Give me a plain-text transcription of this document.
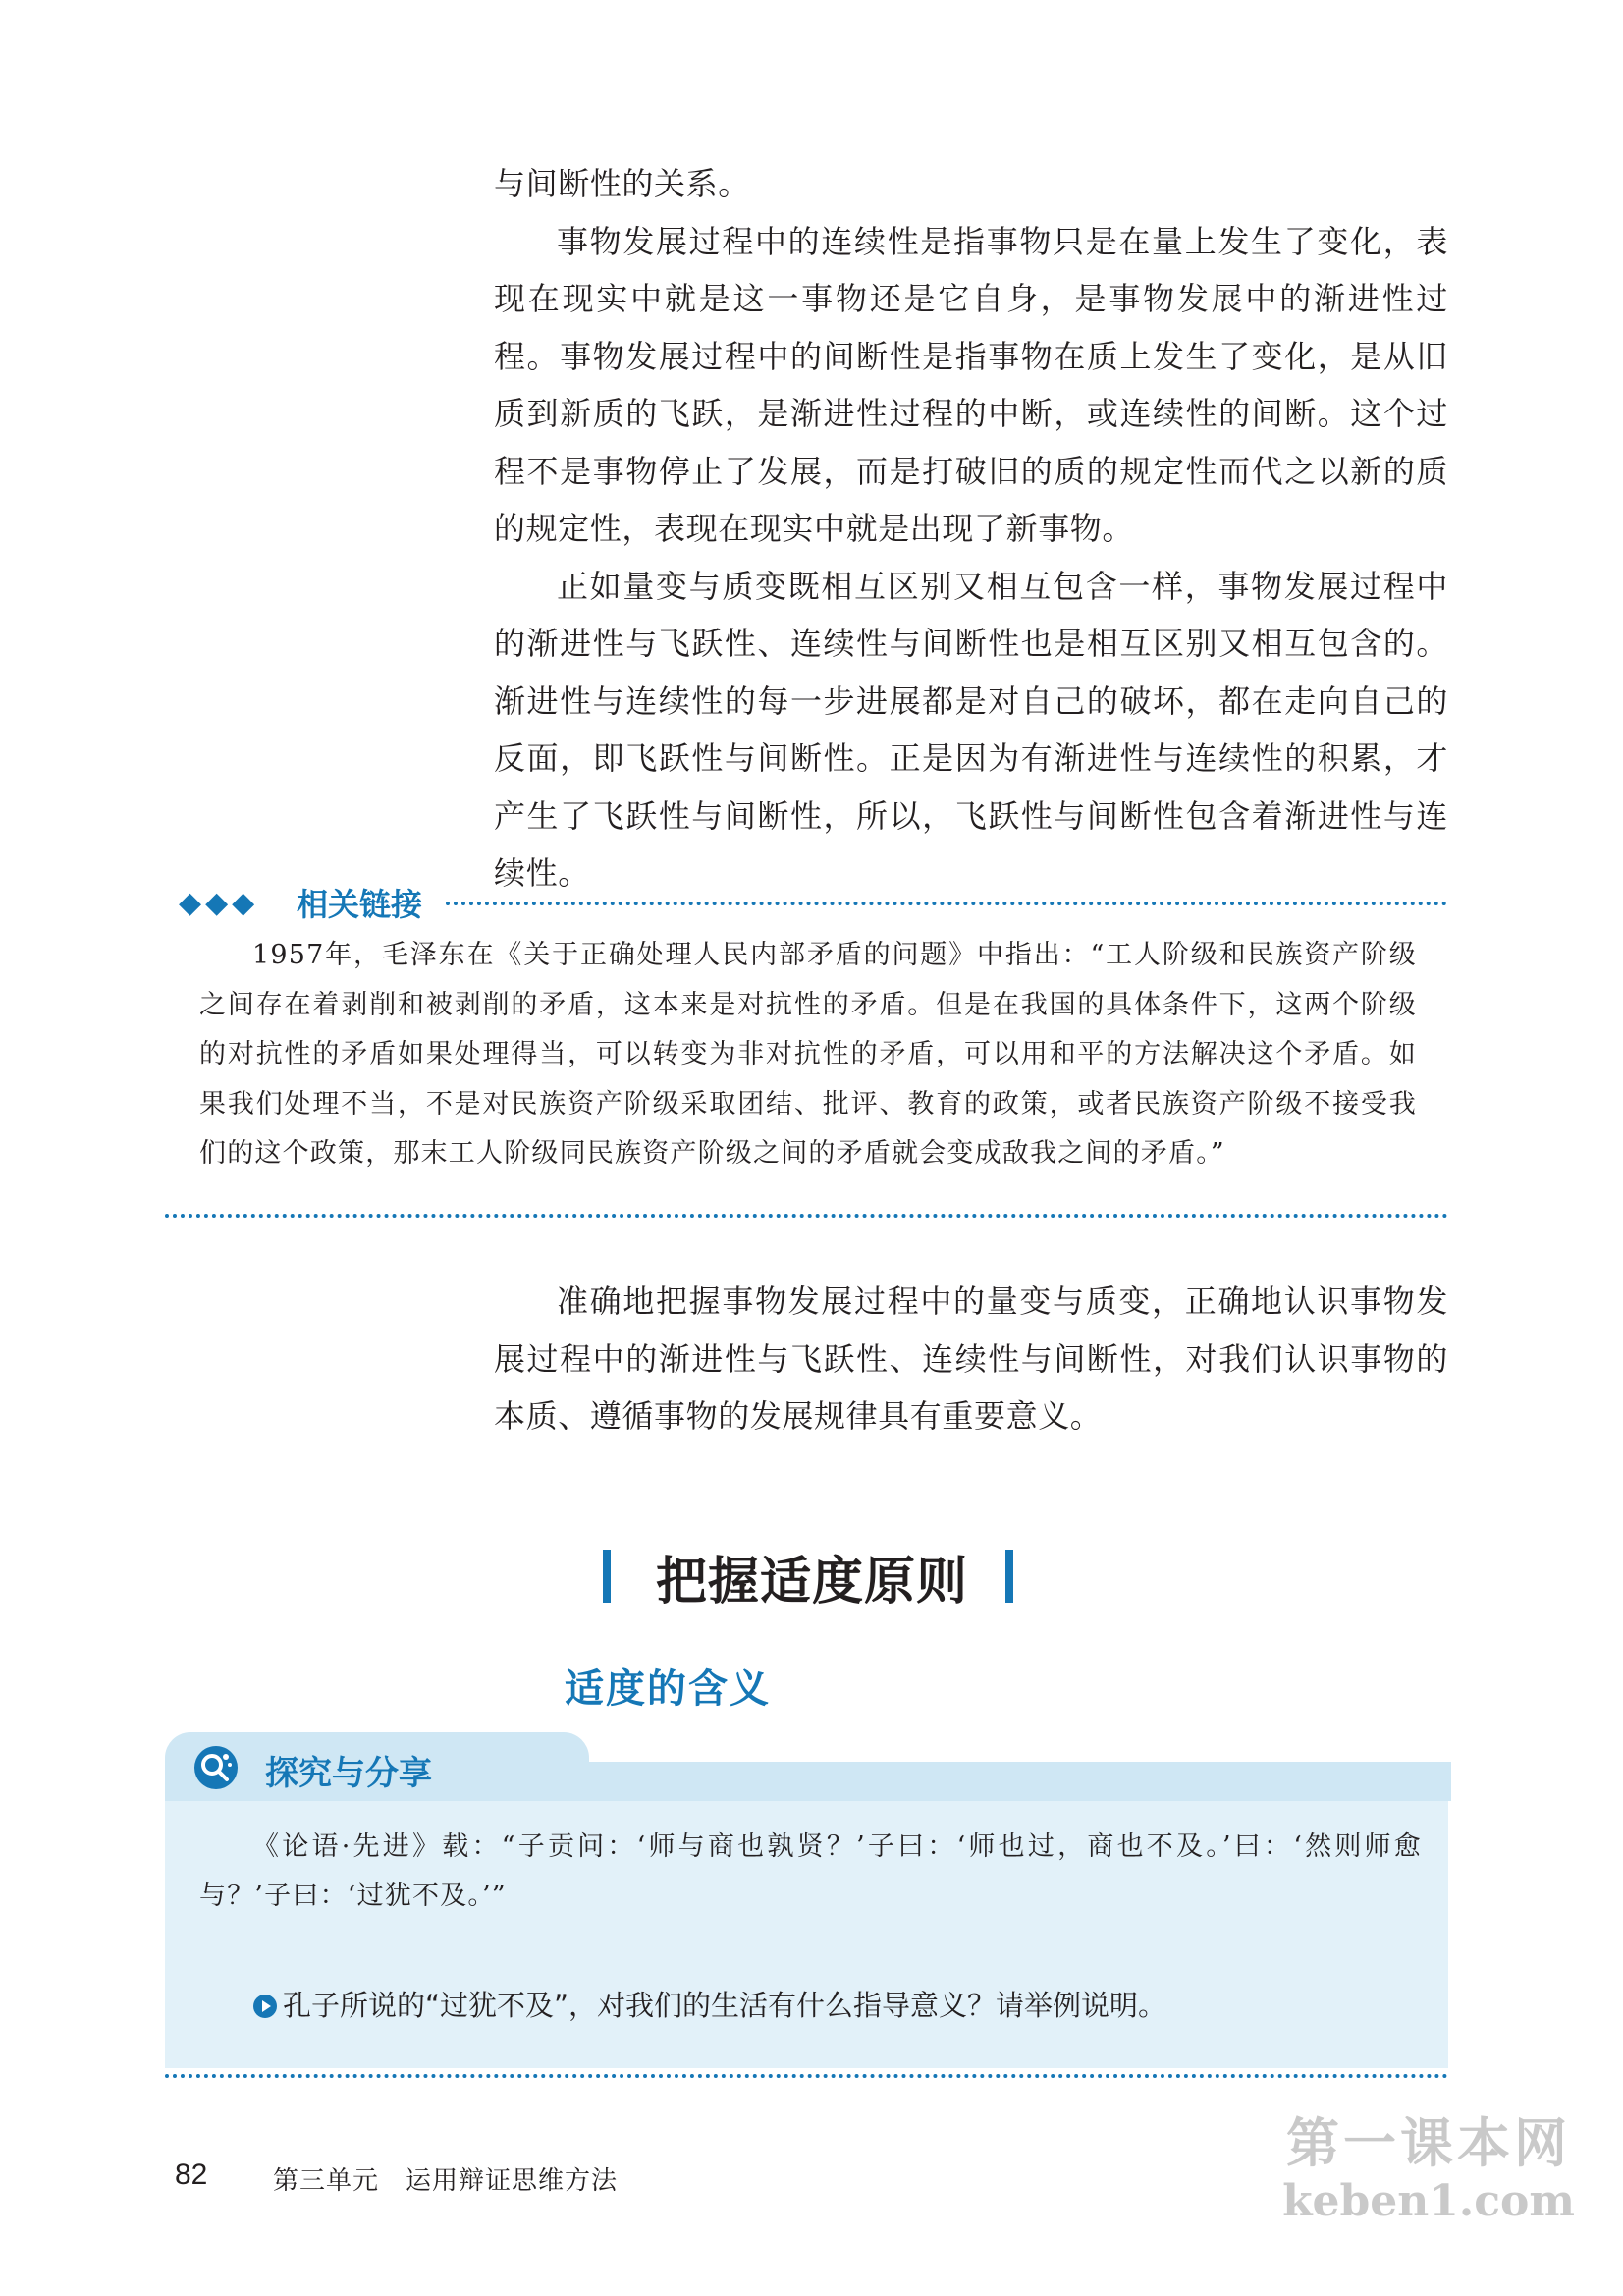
与间断性的关系。

事物发展过程中的连续性是指事物只是在量上发生了变化，表现在现实中就是这一事物还是它自身，是事物发展中的渐进性过程。事物发展过程中的间断性是指事物在质上发生了变化，是从旧质到新质的飞跃，是渐进性过程的中断，或连续性的间断。这个过程不是事物停止了发展，而是打破旧的质的规定性而代之以新的质的规定性，表现在现实中就是出现了新事物。

正如量变与质变既相互区别又相互包含一样，事物发展过程中的渐进性与飞跃性、连续性与间断性也是相互区别又相互包含的。渐进性与连续性的每一步进展都是对自己的破坏，都在走向自己的反面，即飞跃性与间断性。正是因为有渐进性与连续性的积累，才产生了飞跃性与间断性，所以，飞跃性与间断性包含着渐进性与连续性。

◆◆◆ 相关链接

1957年，毛泽东在《关于正确处理人民内部矛盾的问题》中指出：“工人阶级和民族资产阶级之间存在着剥削和被剥削的矛盾，这本来是对抗性的矛盾。但是在我国的具体条件下，这两个阶级的对抗性的矛盾如果处理得当，可以转变为非对抗性的矛盾，可以用和平的方法解决这个矛盾。如果我们处理不当，不是对民族资产阶级采取团结、批评、教育的政策，或者民族资产阶级不接受我们的这个政策，那末工人阶级同民族资产阶级之间的矛盾就会变成敌我之间的矛盾。”

准确地把握事物发展过程中的量变与质变，正确地认识事物发展过程中的渐进性与飞跃性、连续性与间断性，对我们认识事物的本质、遵循事物的发展规律具有重要意义。

把握适度原则
适度的含义
探究与分享

《论语·先进》载：“子贡问：‘师与商也孰贤？’子曰：‘师也过，商也不及。’曰：‘然则师愈与？’子曰：‘过犹不及。’”

孔子所说的“过犹不及”，对我们的生活有什么指导意义？请举例说明。
82	第三单元　运用辩证思维方法
第一课本网
keben1.com
